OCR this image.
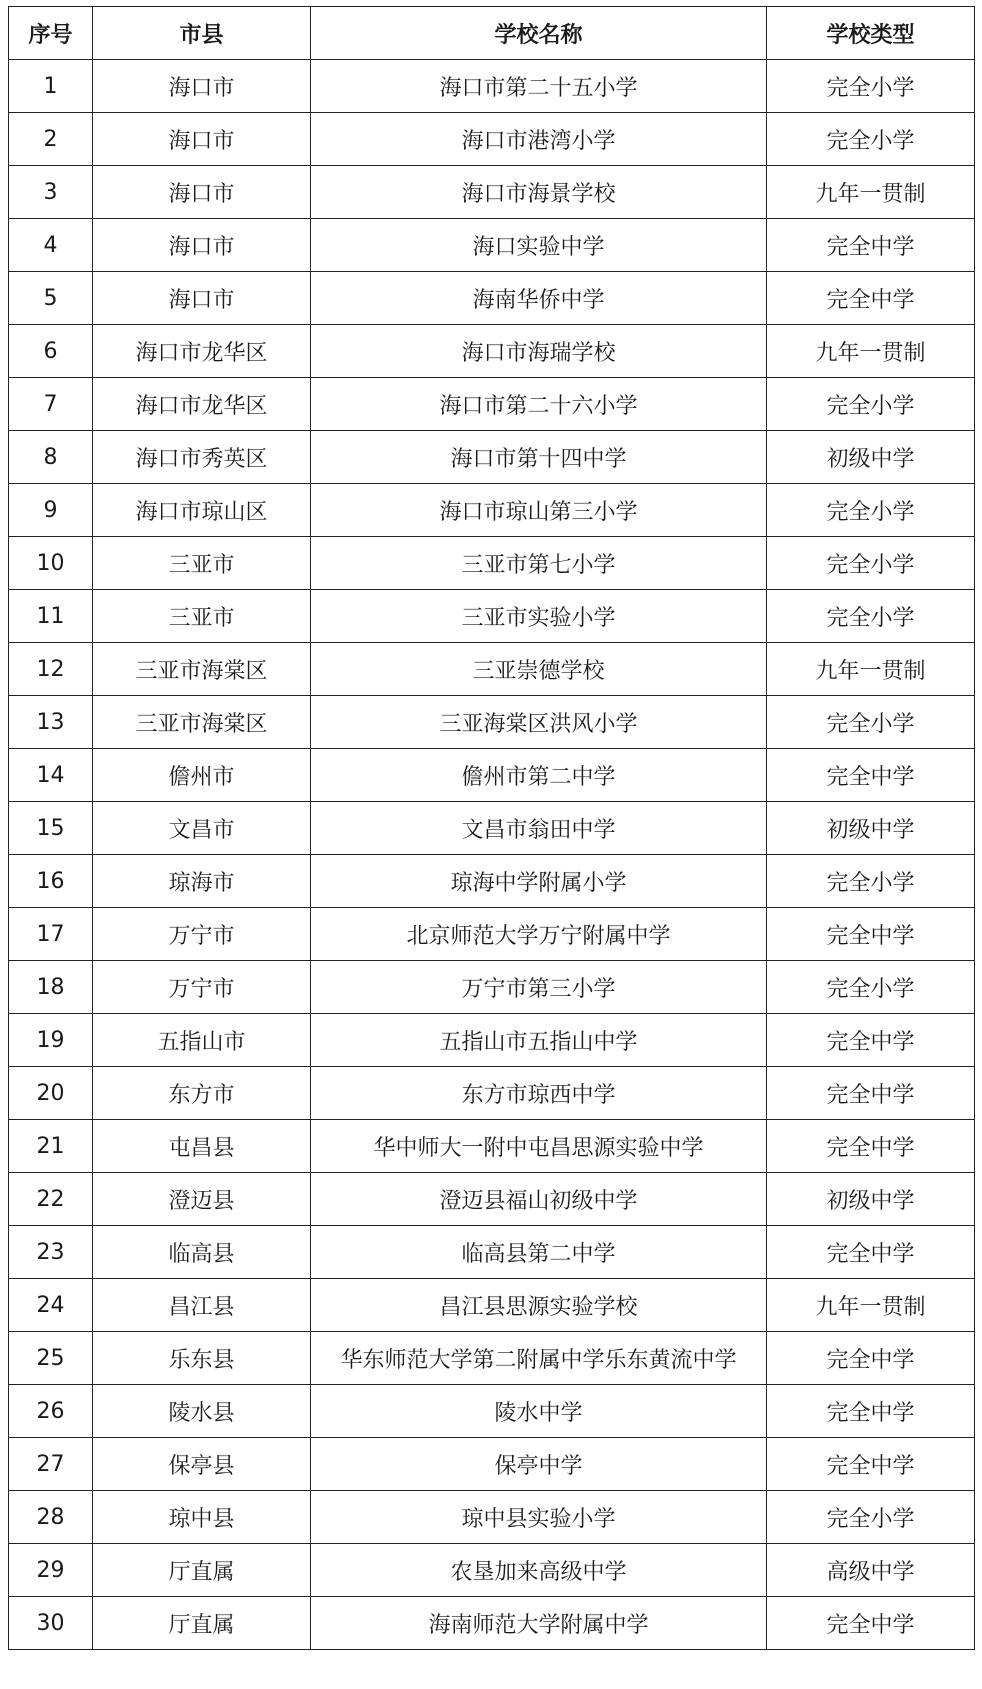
序号	市县	学校名称	学校类型
1	海口市	海口市第二十五小学	完全小学
2	海口市	海口市港湾小学	完全小学
3	海口市	海口市海景学校	九年一贯制
4	海口市	海口实验中学	完全中学
5	海口市	海南华侨中学	完全中学
6	海口市龙华区	海口市海瑞学校	九年一贯制
7	海口市龙华区	海口市第二十六小学	完全小学
8	海口市秀英区	海口市第十四中学	初级中学
9	海口市琼山区	海口市琼山第三小学	完全小学
10	三亚市	三亚市第七小学	完全小学
11	三亚市	三亚市实验小学	完全小学
12	三亚市海棠区	三亚崇德学校	九年一贯制
13	三亚市海棠区	三亚海棠区洪风小学	完全小学
14	儋州市	儋州市第二中学	完全中学
15	文昌市	文昌市翁田中学	初级中学
16	琼海市	琼海中学附属小学	完全小学
17	万宁市	北京师范大学万宁附属中学	完全中学
18	万宁市	万宁市第三小学	完全小学
19	五指山市	五指山市五指山中学	完全中学
20	东方市	东方市琼西中学	完全中学
21	屯昌县	华中师大一附中屯昌思源实验中学	完全中学
22	澄迈县	澄迈县福山初级中学	初级中学
23	临高县	临高县第二中学	完全中学
24	昌江县	昌江县思源实验学校	九年一贯制
25	乐东县	华东师范大学第二附属中学乐东黄流中学	完全中学
26	陵水县	陵水中学	完全中学
27	保亭县	保亭中学	完全中学
28	琼中县	琼中县实验小学	完全小学
29	厅直属	农垦加来高级中学	高级中学
30	厅直属	海南师范大学附属中学	完全中学
